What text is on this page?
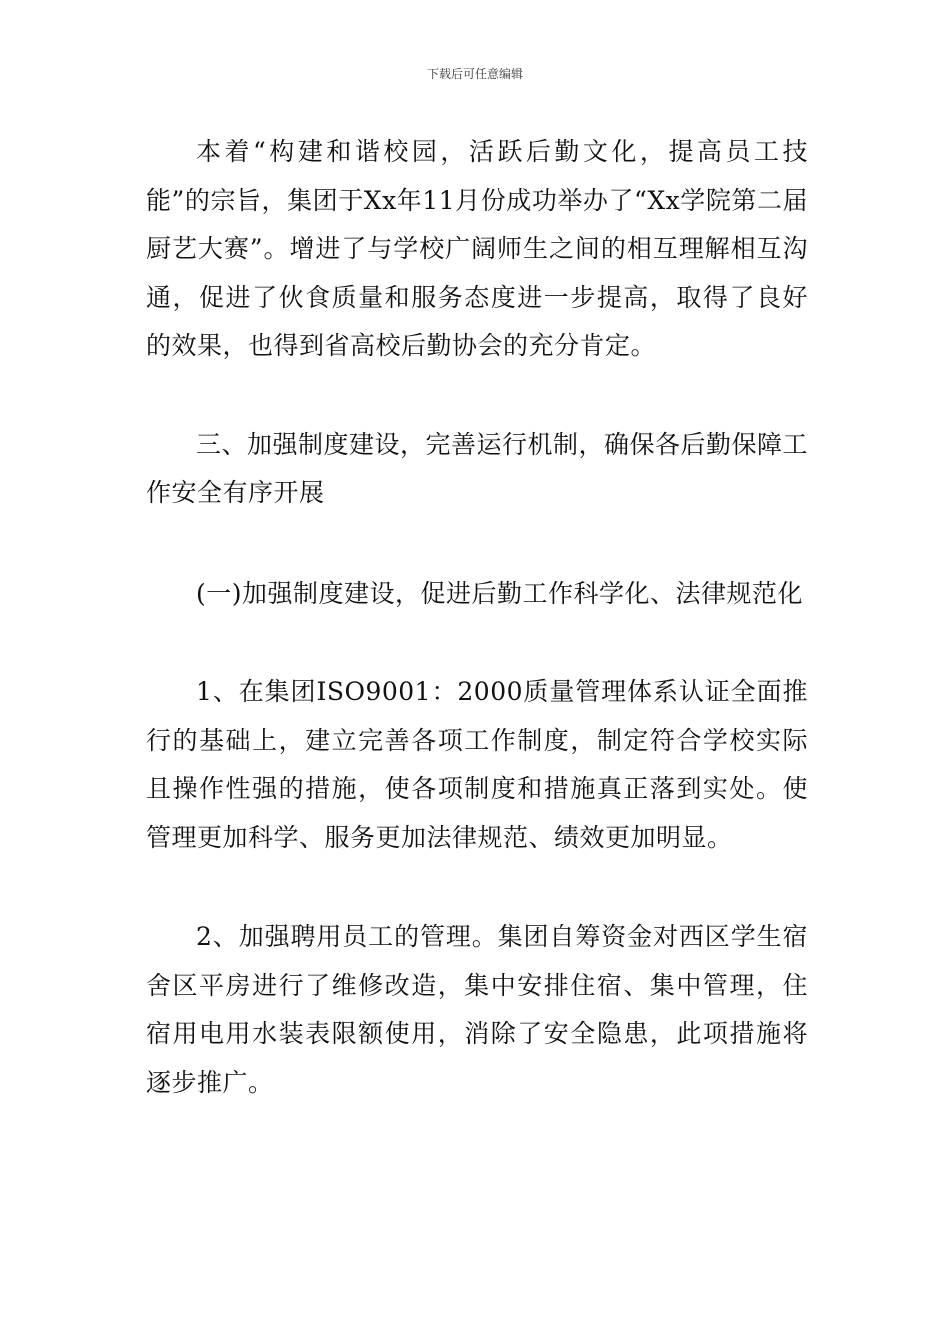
下载后可任意编辑

本着“构建和谐校园，活跃后勤文化，提高员工技能”的宗旨，集团于Xx年11月份成功举办了“Xx学院第二届厨艺大赛”。增进了与学校广阔师生之间的相互理解相互沟通，促进了伙食质量和服务态度进一步提高，取得了良好的效果，也得到省高校后勤协会的充分肯定。

三、加强制度建设，完善运行机制，确保各后勤保障工作安全有序开展

(一)加强制度建设，促进后勤工作科学化、法律规范化

1、在集团ISO9001：2000质量管理体系认证全面推行的基础上，建立完善各项工作制度，制定符合学校实际且操作性强的措施，使各项制度和措施真正落到实处。使管理更加科学、服务更加法律规范、绩效更加明显。

2、加强聘用员工的管理。集团自筹资金对西区学生宿舍区平房进行了维修改造，集中安排住宿、集中管理，住宿用电用水装表限额使用，消除了安全隐患，此项措施将逐步推广。
